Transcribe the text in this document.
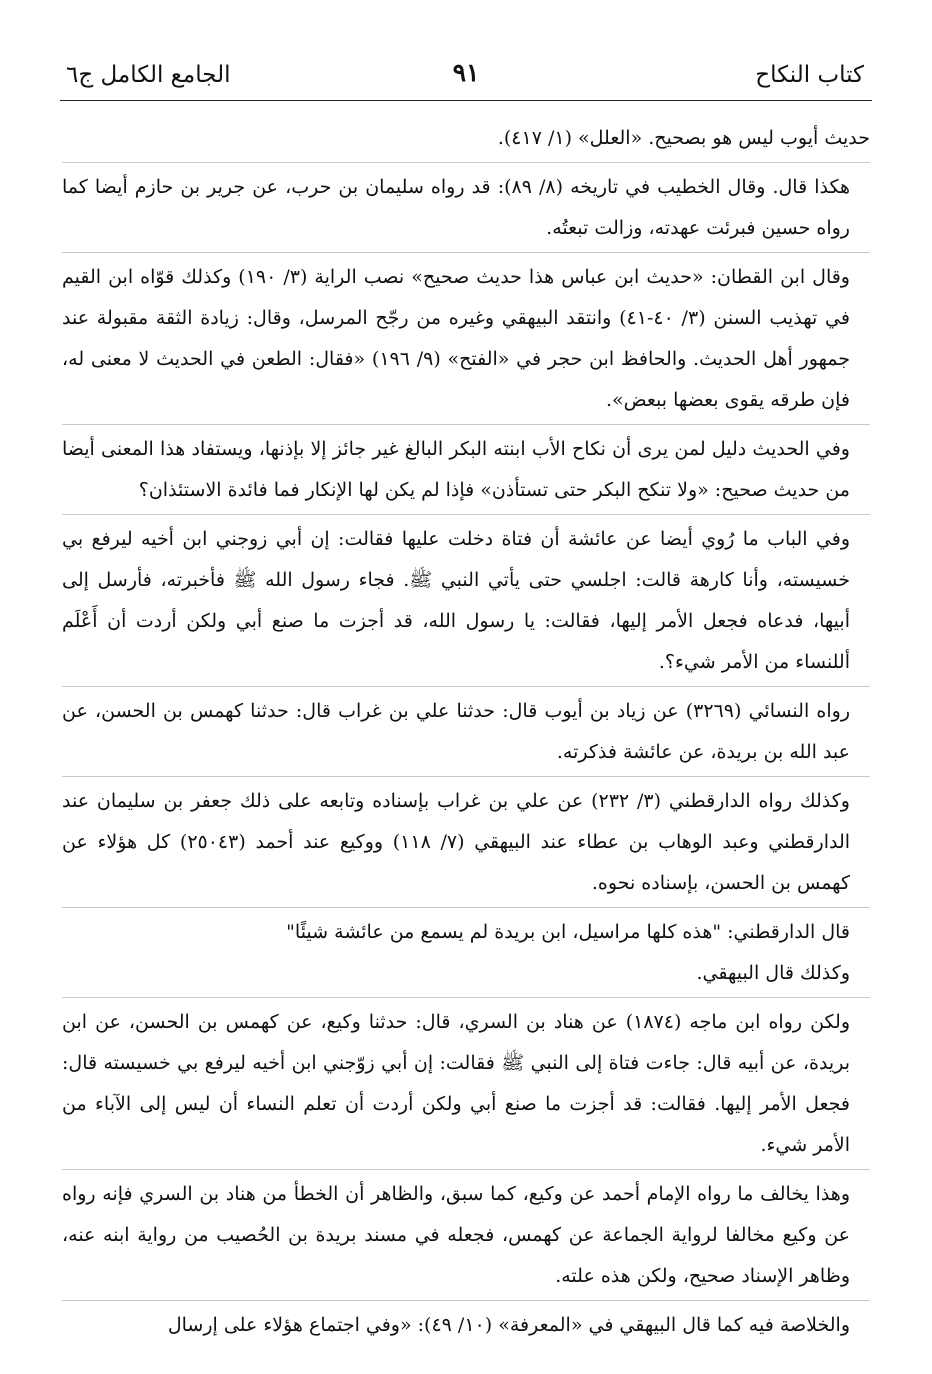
كتاب النكاح
٩١
الجامع الكامل ج٦

حديث أيوب ليس هو بصحيح. «العلل» (١/ ٤١٧).

هكذا قال. وقال الخطيب في تاريخه (٨/ ٨٩): قد رواه سليمان بن حرب، عن جرير بن حازم أيضا كما رواه حسين فبرئت عهدته، وزالت تبعتُه.

وقال ابن القطان: «حديث ابن عباس هذا حديث صحيح» نصب الراية (٣/ ١٩٠) وكذلك قوّاه ابن القيم في تهذيب السنن (٣/ ٤٠-٤١) وانتقد البيهقي وغيره من رجّح المرسل، وقال: زيادة الثقة مقبولة عند جمهور أهل الحديث. والحافظ ابن حجر في «الفتح» (٩/ ١٩٦) «فقال: الطعن في الحديث لا معنى له، فإن طرقه يقوى بعضها ببعض».

وفي الحديث دليل لمن يرى أن نكاح الأب ابنته البكر البالغ غير جائز إلا بإذنها، ويستفاد هذا المعنى أيضا من حديث صحيح: «ولا تنكح البكر حتى تستأذن» فإذا لم يكن لها الإنكار فما فائدة الاستئذان؟

وفي الباب ما رُوي أيضا عن عائشة أن فتاة دخلت عليها فقالت: إن أبي زوجني ابن أخيه ليرفع بي خسيسته، وأنا كارهة قالت: اجلسي حتى يأتي النبي ﷺ. فجاء رسول الله ﷺ فأخبرته، فأرسل إلى أبيها، فدعاه فجعل الأمر إليها، فقالت: يا رسول الله، قد أجزت ما صنع أبي ولكن أردت أن أَعْلَم أللنساء من الأمر شيء؟.

رواه النسائي (٣٢٦٩) عن زياد بن أيوب قال: حدثنا علي بن غراب قال: حدثنا كهمس بن الحسن، عن عبد الله بن بريدة، عن عائشة فذكرته.

وكذلك رواه الدارقطني (٣/ ٢٣٢) عن علي بن غراب بإسناده وتابعه على ذلك جعفر بن سليمان عند الدارقطني وعبد الوهاب بن عطاء عند البيهقي (٧/ ١١٨) ووكيع عند أحمد (٢٥٠٤٣) كل هؤلاء عن كهمس بن الحسن، بإسناده نحوه.

قال الدارقطني: "هذه كلها مراسيل، ابن بريدة لم يسمع من عائشة شيئًا"

وكذلك قال البيهقي.

ولكن رواه ابن ماجه (١٨٧٤) عن هناد بن السري، قال: حدثنا وكيع، عن كهمس بن الحسن، عن ابن بريدة، عن أبيه قال: جاءت فتاة إلى النبي ﷺ فقالت: إن أبي زوّجني ابن أخيه ليرفع بي خسيسته قال: فجعل الأمر إليها. فقالت: قد أجزت ما صنع أبي ولكن أردت أن تعلم النساء أن ليس إلى الآباء من الأمر شيء.

وهذا يخالف ما رواه الإمام أحمد عن وكيع، كما سبق، والظاهر أن الخطأ من هناد بن السري فإنه رواه عن وكيع مخالفا لرواية الجماعة عن كهمس، فجعله في مسند بريدة بن الحُصيب من رواية ابنه عنه، وظاهر الإسناد صحيح، ولكن هذه علته.

والخلاصة فيه كما قال البيهقي في «المعرفة» (١٠/ ٤٩): «وفي اجتماع هؤلاء على إرسال
